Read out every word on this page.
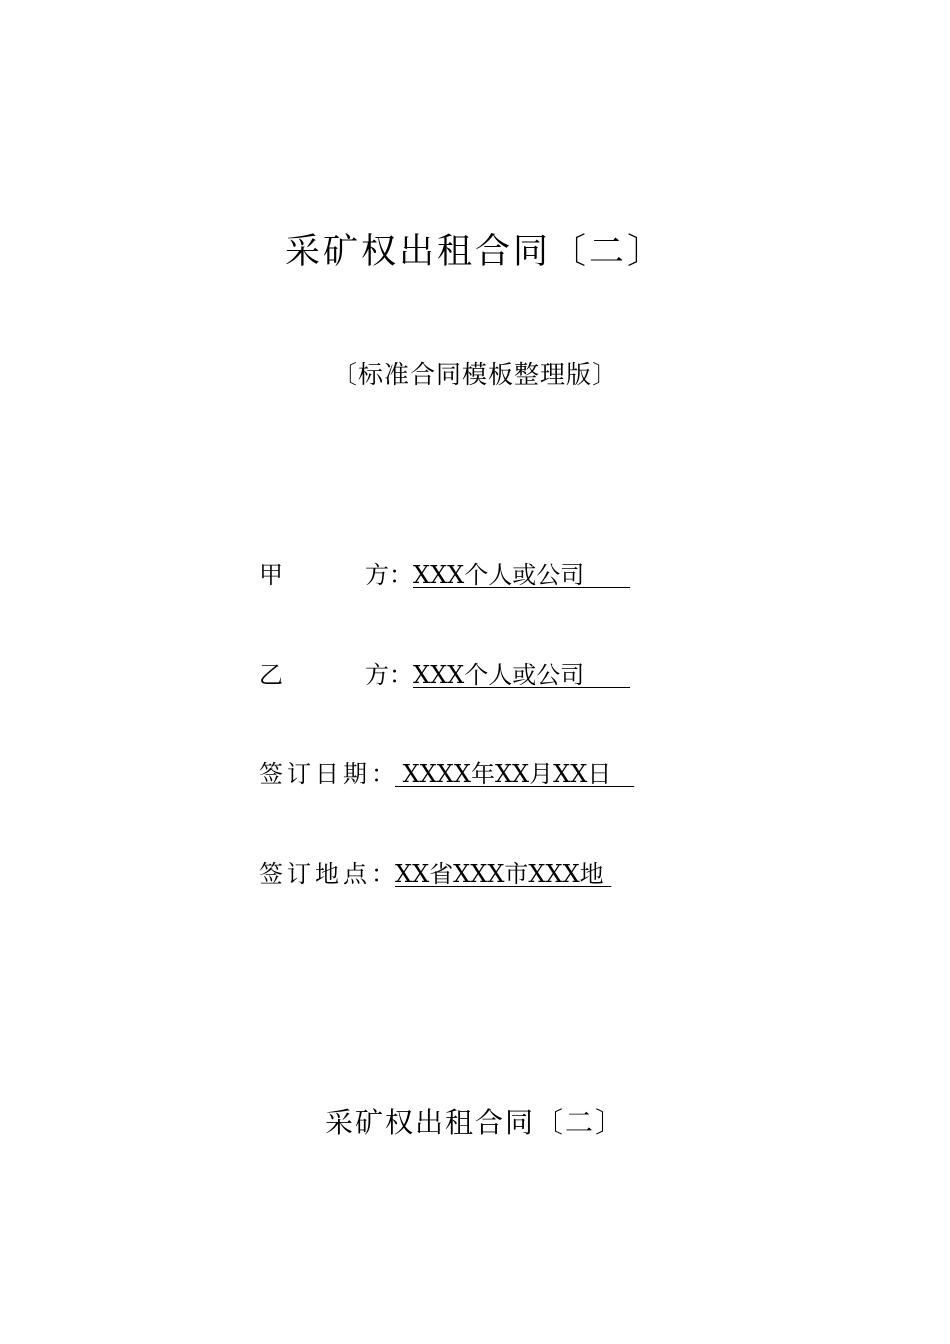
采矿权出租合同〔二〕
〔标准合同模板整理版〕
甲方：XXX个人或公司
乙方：XXX个人或公司
签订日期： XXXX年XX月XX日
签订地点：XX省XXX市XXX地
采矿权出租合同〔二〕
